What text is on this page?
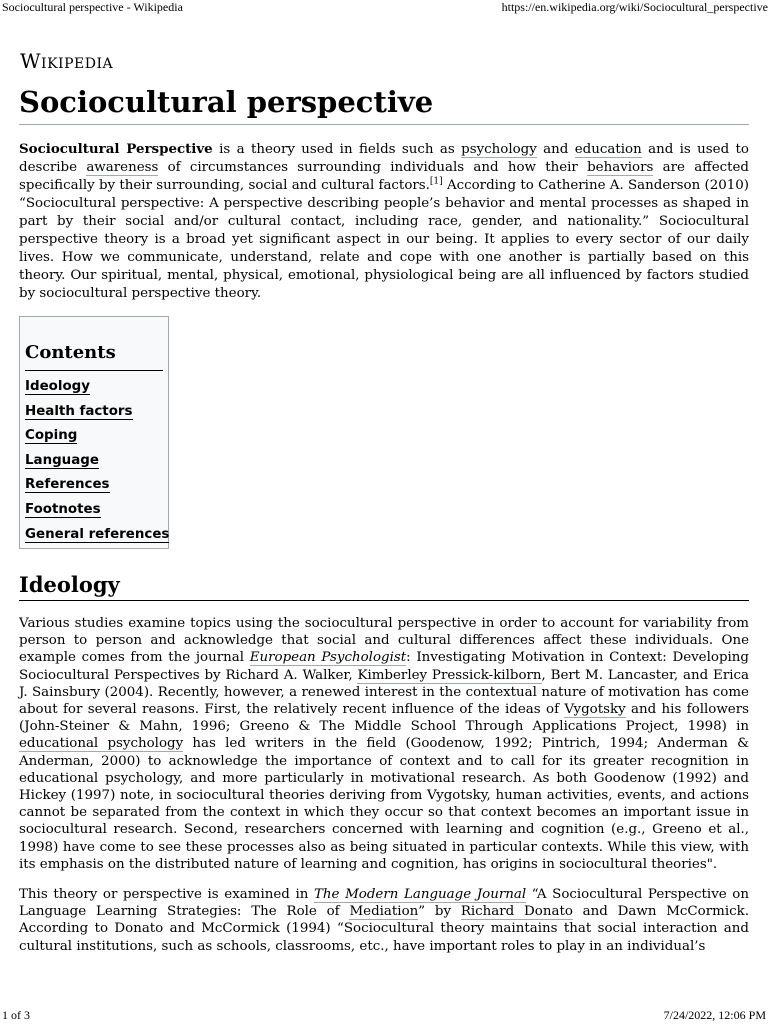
Sociocultural perspective - Wikipedia	https://en.wikipedia.org/wiki/Sociocultural_perspective
Wikipedia
Sociocultural perspective

Sociocultural Perspective is a theory used in fields such as psychology and education and is used to describe awareness of circumstances surrounding individuals and how their behaviors are affected specifically by their surrounding, social and cultural factors.[1] According to Catherine A. Sanderson (2010) “Sociocultural perspective: A perspective describing people’s behavior and mental processes as shaped in part by their social and/or cultural contact, including race, gender, and nationality.” Sociocultural perspective theory is a broad yet significant aspect in our being. It applies to every sector of our daily lives. How we communicate, understand, relate and cope with one another is partially based on this theory. Our spiritual, mental, physical, emotional, physiological being are all influenced by factors studied by sociocultural perspective theory.

Contents
Ideology
Health factors
Coping
Language
References
Footnotes
General references
Ideology

Various studies examine topics using the sociocultural perspective in order to account for variability from person to person and acknowledge that social and cultural differences affect these individuals. One example comes from the journal European Psychologist: Investigating Motivation in Context: Developing Sociocultural Perspectives by Richard A. Walker, Kimberley Pressick-kilborn, Bert M. Lancaster, and Erica J. Sainsbury (2004). Recently, however, a renewed interest in the contextual nature of motivation has come about for several reasons. First, the relatively recent influence of the ideas of Vygotsky and his followers (John-Steiner & Mahn, 1996; Greeno & The Middle School Through Applications Project, 1998) in educational psychology has led writers in the field (Goodenow, 1992; Pintrich, 1994; Anderman & Anderman, 2000) to acknowledge the importance of context and to call for its greater recognition in educational psychology, and more particularly in motivational research. As both Goodenow (1992) and Hickey (1997) note, in sociocultural theories deriving from Vygotsky, human activities, events, and actions cannot be separated from the context in which they occur so that context becomes an important issue in sociocultural research. Second, researchers concerned with learning and cognition (e.g., Greeno et al., 1998) have come to see these processes also as being situated in particular contexts. While this view, with its emphasis on the distributed nature of learning and cognition, has origins in sociocultural theories".

This theory or perspective is examined in The Modern Language Journal “A Sociocultural Perspective on Language Learning Strategies: The Role of Mediation” by Richard Donato and Dawn McCormick. According to Donato and McCormick (1994) “Sociocultural theory maintains that social interaction and cultural institutions, such as schools, classrooms, etc., have important roles to play in an individual’s

1 of 3	7/24/2022, 12:06 PM
